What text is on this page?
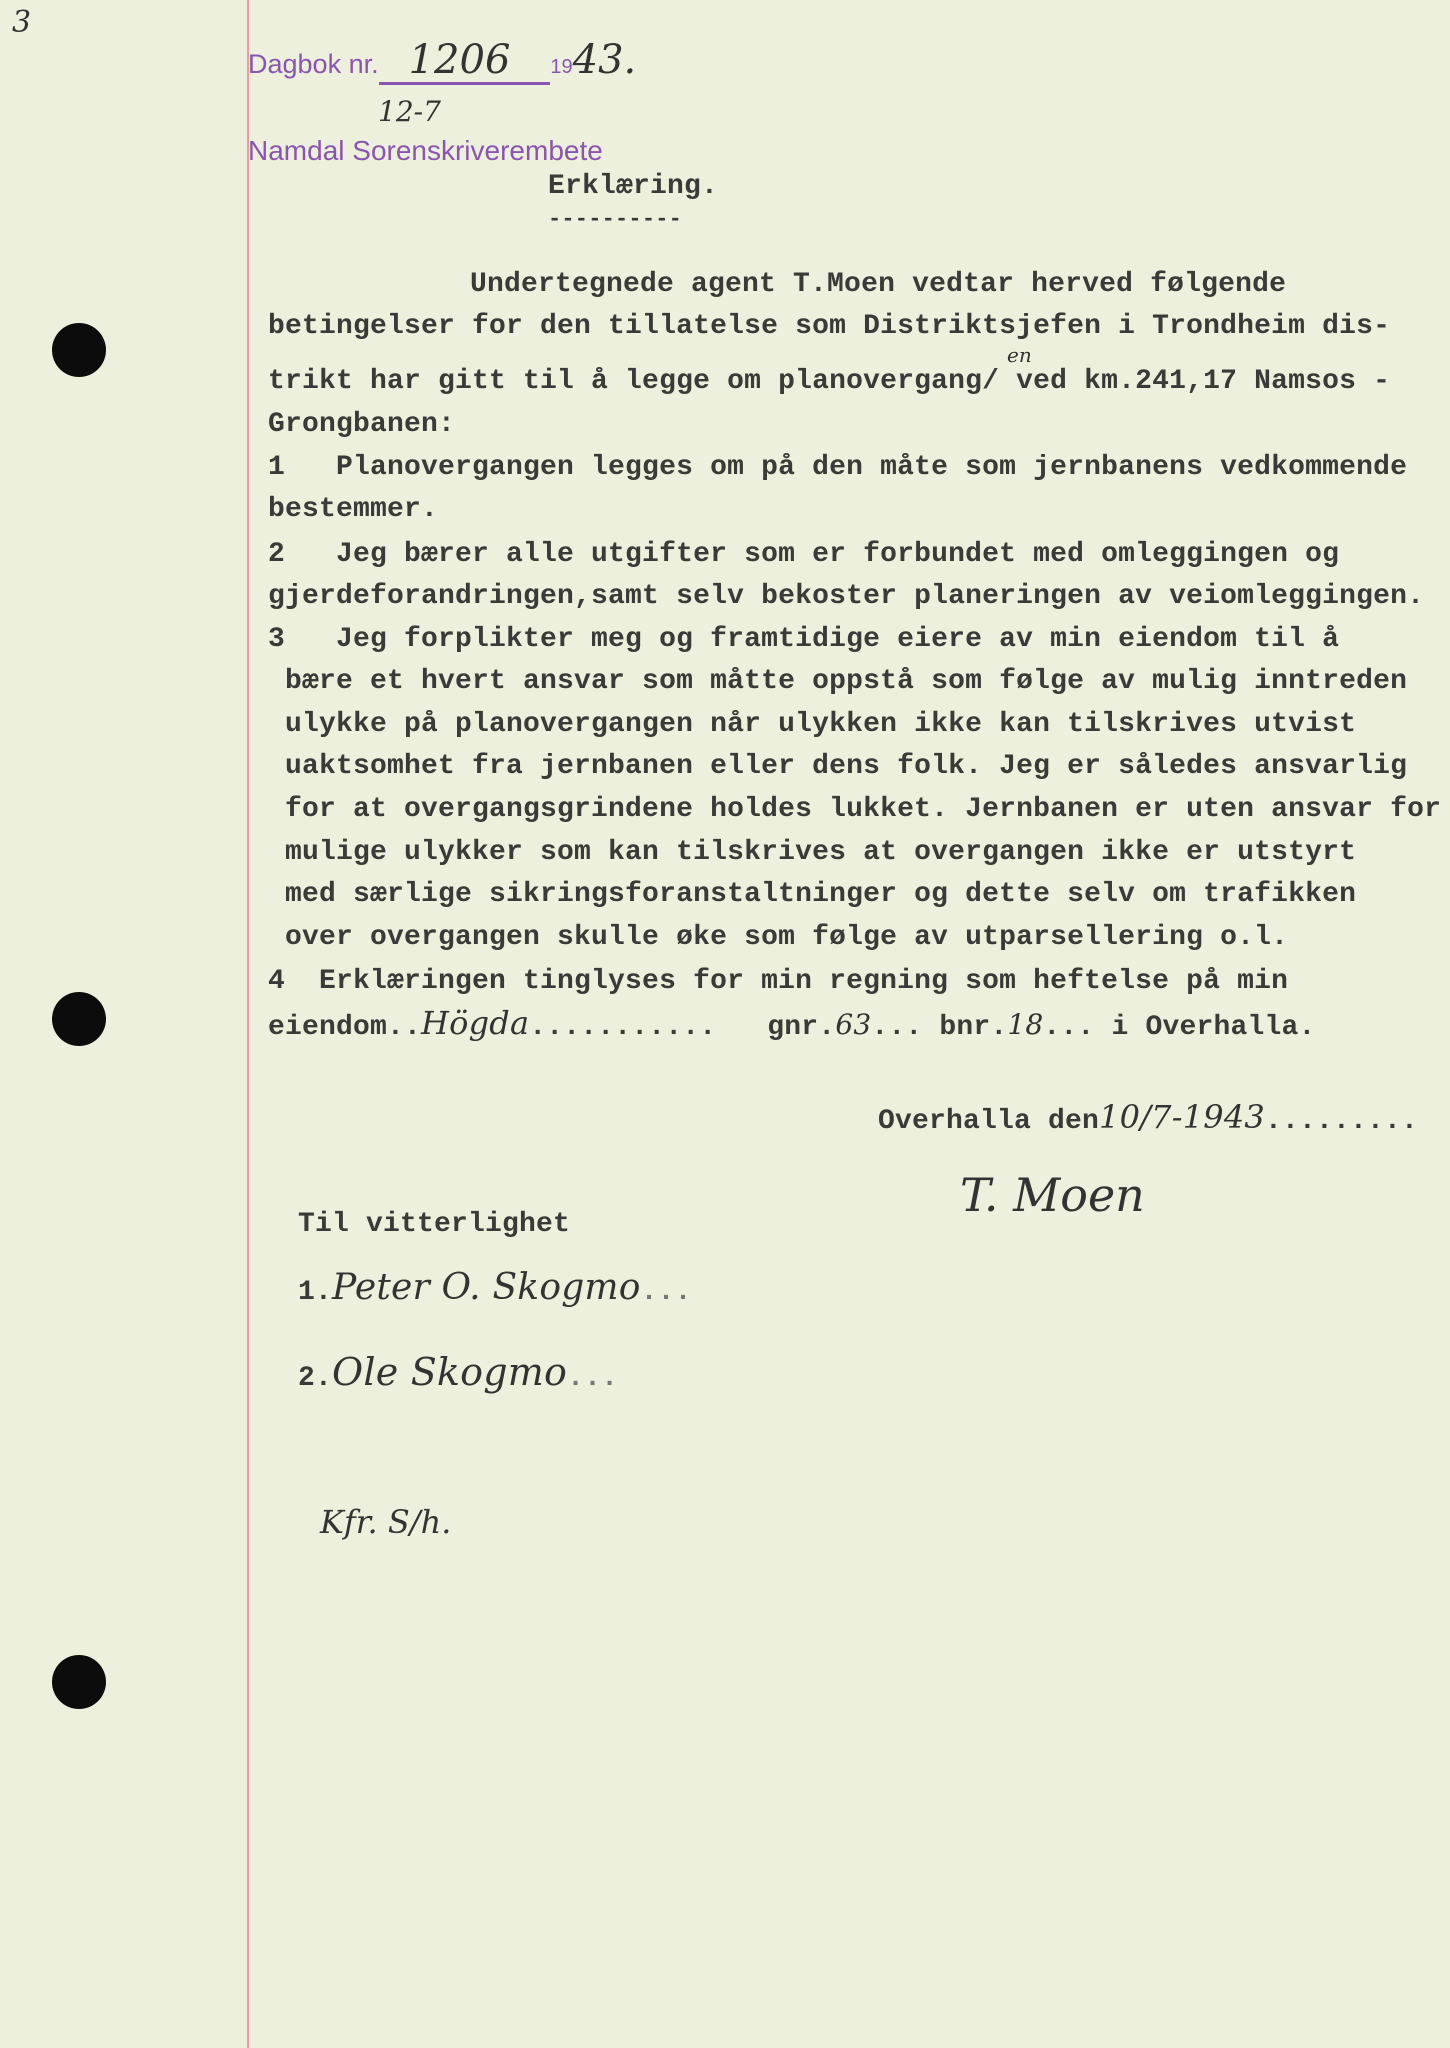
3
Dagbok nr. 1206	19 43.
12-7
Namdal Sorenskriverembete
Erklæring.
----------
Undertegnede agent T.Moen vedtar herved følgende
betingelser for den tillatelse som Distriktsjefen i Trondheim dis-
en
trikt har gitt til å legge om planovergang/ ved km.241,17 Namsos -
Grongbanen:
1   Planovergangen legges om på den måte som jernbanens vedkommende
bestemmer.
2   Jeg bærer alle utgifter som er forbundet med omleggingen og
gjerdeforandringen,samt selv bekoster planeringen av veiomleggingen.
3   Jeg forplikter meg og framtidige eiere av min eiendom til å
bære et hvert ansvar som måtte oppstå som følge av mulig inntreden
ulykke på planovergangen når ulykken ikke kan tilskrives utvist
uaktsomhet fra jernbanen eller dens folk. Jeg er således ansvarlig
for at overgangsgrindene holdes lukket. Jernbanen er uten ansvar for
mulige ulykker som kan tilskrives at overgangen ikke er utstyrt
med særlige sikringsforanstaltninger og dette selv om trafikken
over overgangen skulle øke som følge av utparsellering o.l.
4  Erklæringen tinglyses for min regning som heftelse på min
eiendom.. Högda ...........
gnr. 63 ...
bnr. 18 ...
i Overhalla.
Overhalla den 10/7-1943 .........
T. Moen
Til vitterlighet
1. Peter O. Skogmo ...
2. Ole Skogmo ...
Kfr. S/h.
